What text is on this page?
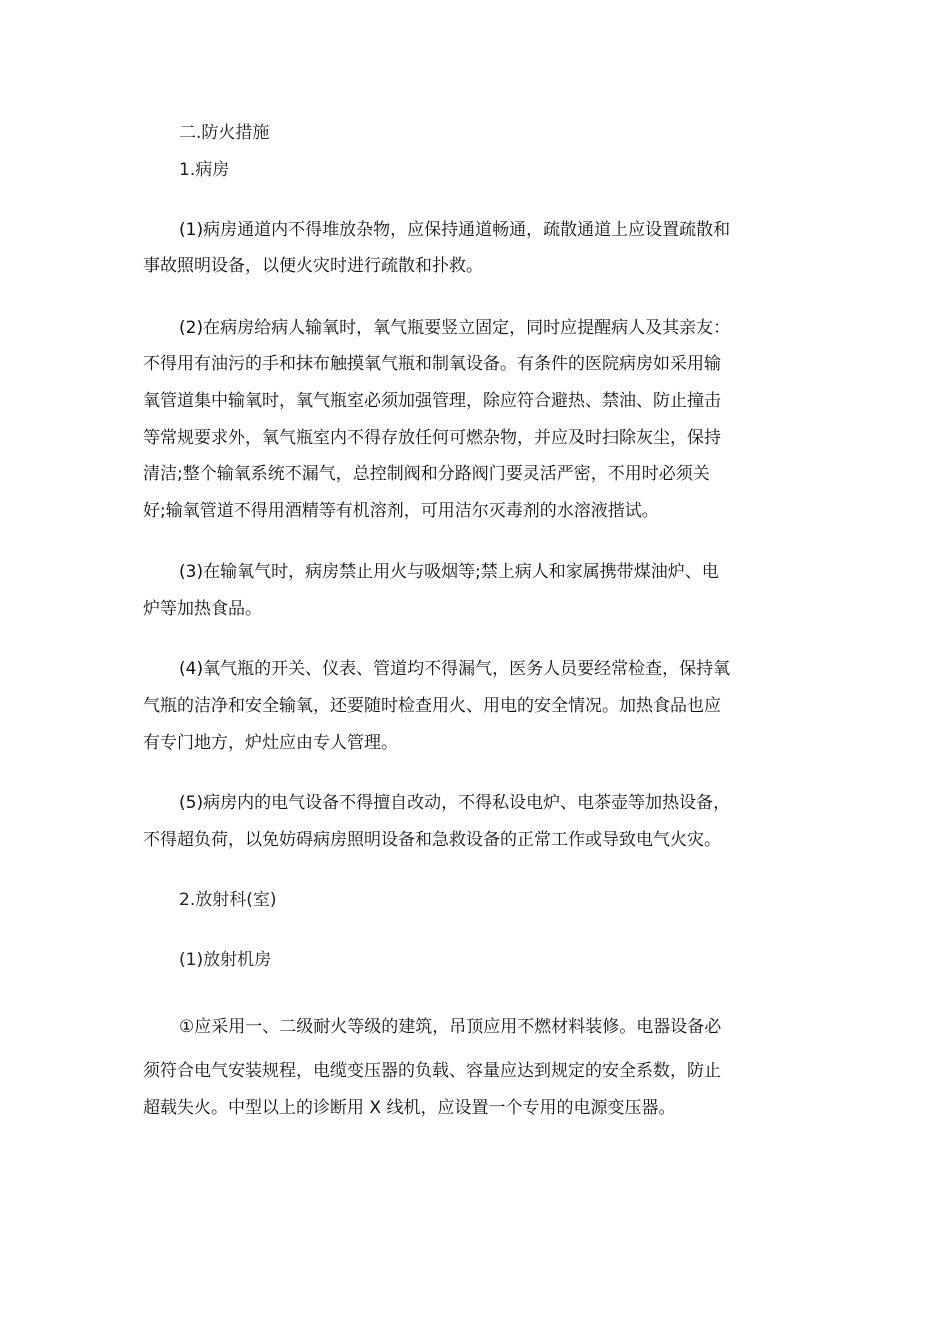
二.防火措施
1.病房
(1)病房通道内不得堆放杂物，应保持通道畅通，疏散通道上应设置疏散和
事故照明设备，以便火灾时进行疏散和扑救。
(2)在病房给病人输氧时，氧气瓶要竖立固定，同时应提醒病人及其亲友：
不得用有油污的手和抹布触摸氧气瓶和制氧设备。有条件的医院病房如采用输
氧管道集中输氧时，氧气瓶室必须加强管理，除应符合避热、禁油、防止撞击
等常规要求外，氧气瓶室内不得存放任何可燃杂物，并应及时扫除灰尘，保持
清洁;整个输氧系统不漏气，总控制阀和分路阀门要灵活严密，不用时必须关
好;输氧管道不得用酒精等有机溶剂，可用洁尔灭毒剂的水溶液揩试。
(3)在输氧气时，病房禁止用火与吸烟等;禁上病人和家属携带煤油炉、电
炉等加热食品。
(4)氧气瓶的开关、仪表、管道均不得漏气，医务人员要经常检查，保持氧
气瓶的洁净和安全输氧，还要随时检查用火、用电的安全情况。加热食品也应
有专门地方，炉灶应由专人管理。
(5)病房内的电气设备不得擅自改动，不得私设电炉、电茶壶等加热设备，
不得超负荷，以免妨碍病房照明设备和急救设备的正常工作或导致电气火灾。
2.放射科(室)
(1)放射机房
①应采用一、二级耐火等级的建筑，吊顶应用不燃材料装修。电器设备必
须符合电气安装规程，电缆变压器的负载、容量应达到规定的安全系数，防止
超载失火。中型以上的诊断用 X 线机，应设置一个专用的电源变压器。
